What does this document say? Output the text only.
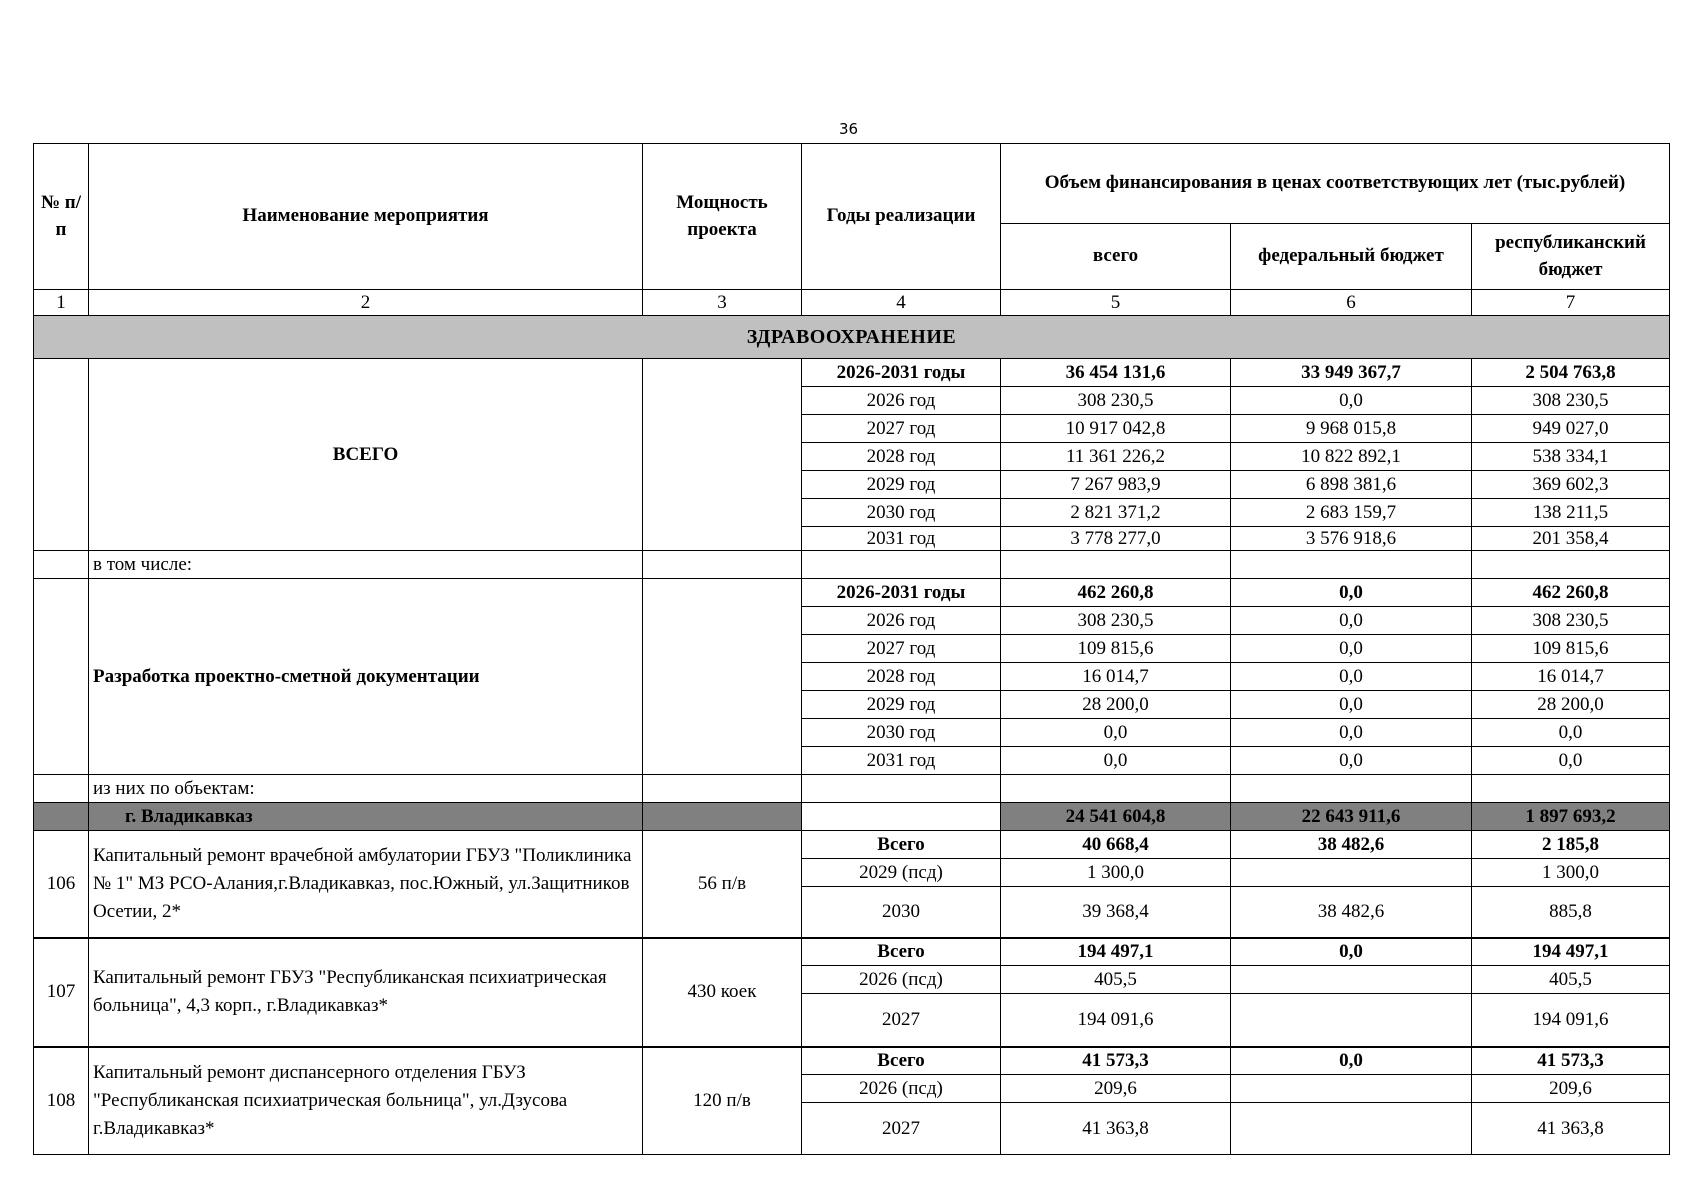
36
№ п/п	Наименование мероприятия	Мощность проекта	Годы реализации	Объем финансирования в ценах соответствующих лет (тыс.рублей)		
				всего	федеральный бюджет	республиканский бюджет
1	2	3	4	5	6	7
ЗДРАВООХРАНЕНИЕ						
	ВСЕГО		2026-2031 годы	36 454 131,6	33 949 367,7	2 504 763,8
			2026 год	308 230,5	0,0	308 230,5
			2027 год	10 917 042,8	9 968 015,8	949 027,0
			2028 год	11 361 226,2	10 822 892,1	538 334,1
			2029 год	7 267 983,9	6 898 381,6	369 602,3
			2030 год	2 821 371,2	2 683 159,7	138 211,5
			2031 год	3 778 277,0	3 576 918,6	201 358,4
	в том числе:					
	Разработка проектно-сметной документации		2026-2031 годы	462 260,8	0,0	462 260,8
			2026 год	308 230,5	0,0	308 230,5
			2027 год	109 815,6	0,0	109 815,6
			2028 год	16 014,7	0,0	16 014,7
			2029 год	28 200,0	0,0	28 200,0
			2030 год	0,0	0,0	0,0
			2031 год	0,0	0,0	0,0
	из них по объектам:					
	г. Владикавказ			24 541 604,8	22 643 911,6	1 897 693,2
106	Капитальный ремонт врачебной амбулатории ГБУЗ "Поликлиника № 1" МЗ РСО-Алания,г.Владикавказ, пос.Южный, ул.Защитников Осетии, 2*	56 п/в	Всего	40 668,4	38 482,6	2 185,8
			2029 (псд)	1 300,0		1 300,0
			2030	39 368,4	38 482,6	885,8
107	Капитальный ремонт ГБУЗ "Республиканская психиатрическая больница", 4,3 корп., г.Владикавказ*	430 коек	Всего	194 497,1	0,0	194 497,1
			2026 (псд)	405,5		405,5
			2027	194 091,6		194 091,6
108	Капитальный ремонт диспансерного отделения ГБУЗ "Республиканская психиатрическая больница", ул.Дзусова г.Владикавказ*	120 п/в	Всего	41 573,3	0,0	41 573,3
			2026 (псд)	209,6		209,6
			2027	41 363,8		41 363,8
